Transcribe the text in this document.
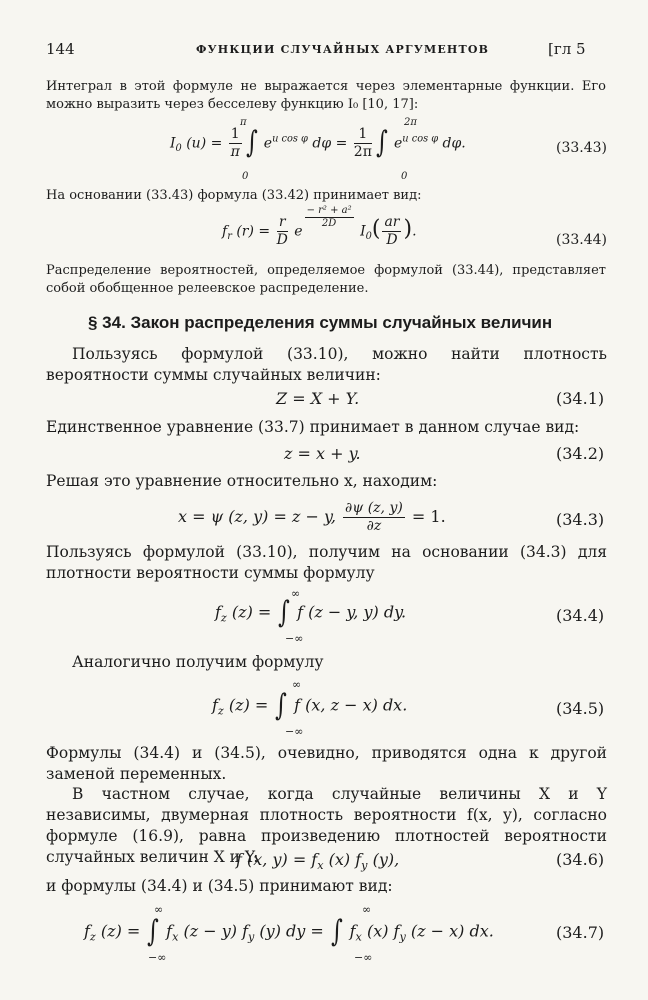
144	ФУНКЦИИ СЛУЧАЙНЫХ АРГУМЕНТОВ	[гл 5
Интеграл в этой формуле не выражается через элементарные функции. Его можно выразить через бесселеву функцию I₀ [10, 17]:
$I_0$ $(u) = \frac{1}{\pi}$ ∫ $e^{u cos \varphi}$ $d\varphi = \frac{1}{2\pi}$ ∫ $e^{u cos \varphi}$ dφ.
π
0
2π
0
(33.43)
На основании (33.43) формула (33.42) принимает вид:
$f_r$ $(r) = \frac{r}{D}$ e
$^{\frac{\text{− r² + a²}}{2D}}$
$I_0( \frac{ar}{D}$ ).
(33.44)
Распределение вероятностей, определяемое формулой (33.44), представляет собой обобщенное релеевское распределение.
§ 34. Закон распределения суммы случайных величин
Пользуясь формулой (33.10), можно найти плотность вероятности суммы случайных величин:
Z = X + Y.	(34.1)
Единственное уравнение (33.7) принимает в данном случае вид:
z = x + y.	(34.2)
Решая это уравнение относительно x, находим:
x = ψ (z, y) = z − y, $\frac{\partial\psi (z, y)}{\partial z} = 1$.	(34.3)
Пользуясь формулой (33.10), получим на основании (34.3) для плотности вероятности суммы формулу
$f_z$ (z) = ∫ f (z − y, y) dy.
∞
−∞
(34.4)
Аналогично получим формулу
$f_z$ (z) = ∫ f (x, z − x) dx.
∞
−∞
(34.5)
Формулы (34.4) и (34.5), очевидно, приводятся одна к другой заменой переменных.
В частном случае, когда случайные величины X и Y независимы, двумерная плотность вероятности f(x, y), согласно формуле (16.9), равна произведению плотностей вероятности случайных величин X и Y:
f (x, $y) = f_x$ (x) $f_y$ (y),	(34.6)
и формулы (34.4) и (34.5) принимают вид:
$f_z$ (z) = ∫ $f_x$ (z − y) $f_y$ (y) dy = ∫ $f_x$ (x) $f_y$ (z − x) dx.
∞
−∞
∞
−∞
(34.7)
